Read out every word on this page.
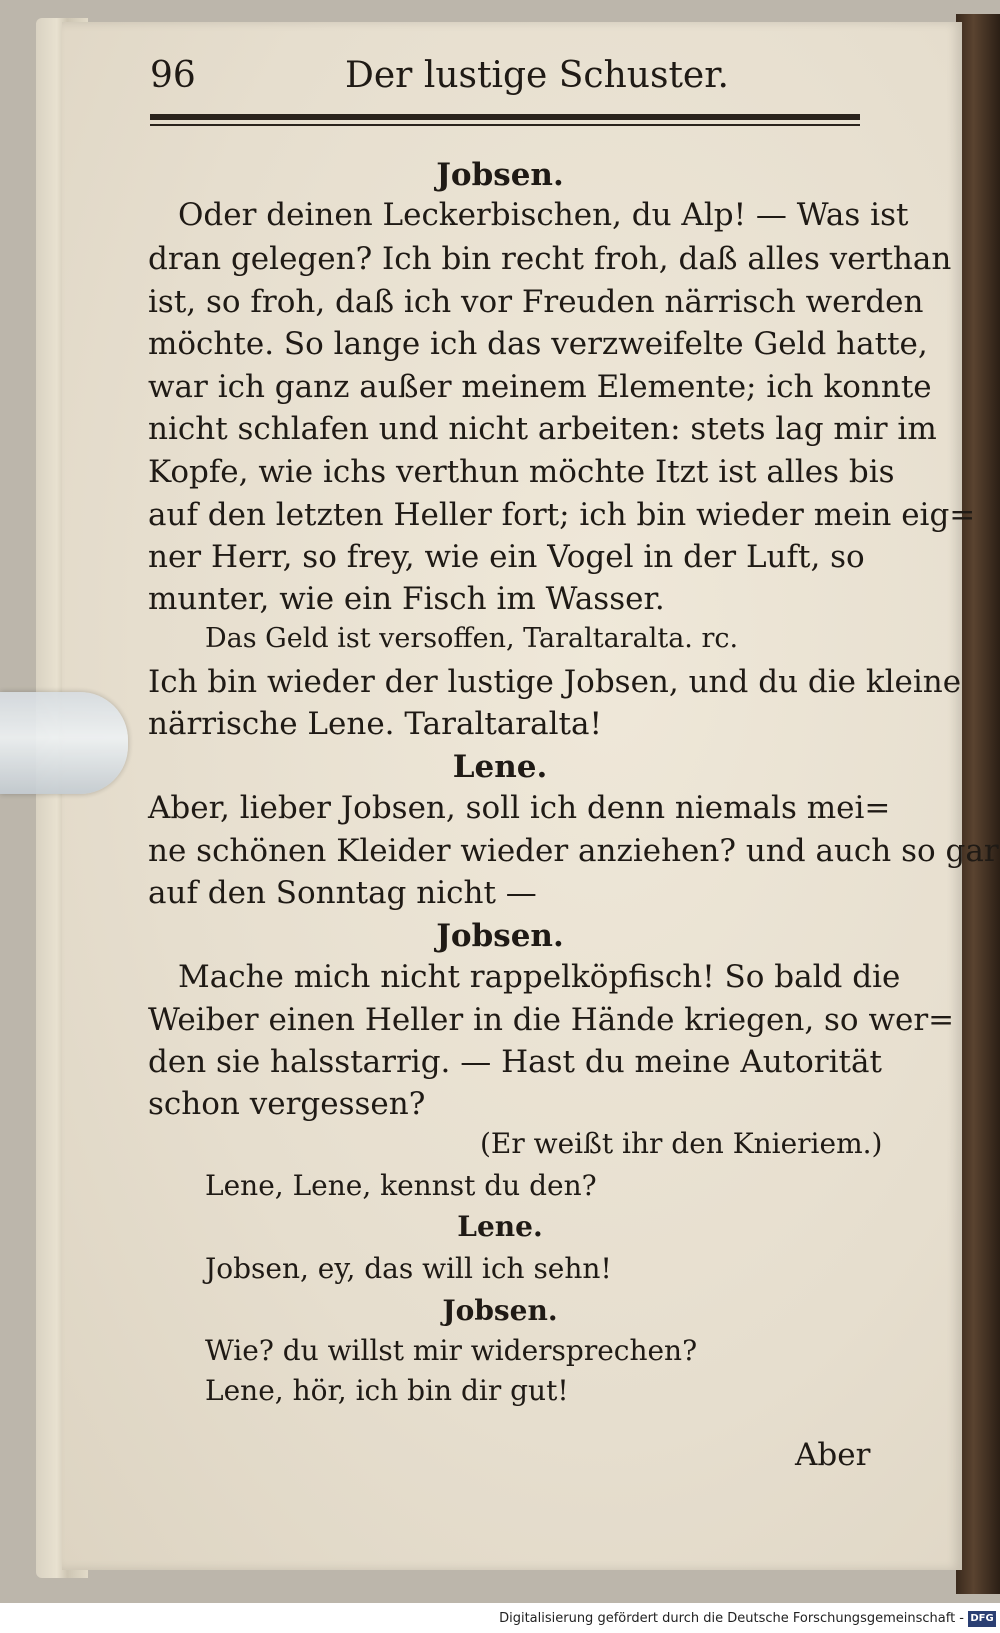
96	Der lustige Schuster.
Jobsen.
Oder deinen Leckerbischen, du Alp! — Was ist
dran gelegen? Ich bin recht froh, daß alles verthan
ist, so froh, daß ich vor Freuden närrisch werden
möchte. So lange ich das verzweifelte Geld hatte,
war ich ganz außer meinem Elemente; ich konnte
nicht schlafen und nicht arbeiten: stets lag mir im
Kopfe, wie ichs verthun möchte Itzt ist alles bis
auf den letzten Heller fort; ich bin wieder mein eig=
ner Herr, so frey, wie ein Vogel in der Luft, so
munter, wie ein Fisch im Wasser.
Das Geld ist versoffen, Taraltaralta. rc.
Ich bin wieder der lustige Jobsen, und du die kleine
närrische Lene. Taraltaralta!
Lene.
Aber, lieber Jobsen, soll ich denn niemals mei=
ne schönen Kleider wieder anziehen? und auch so gar
auf den Sonntag nicht —
Jobsen.
Mache mich nicht rappelköpfisch! So bald die
Weiber einen Heller in die Hände kriegen, so wer=
den sie halsstarrig. — Hast du meine Autorität
schon vergessen?
(Er weißt ihr den Knieriem.)
Lene, Lene, kennst du den?
Lene.
Jobsen, ey, das will ich sehn!
Jobsen.
Wie? du willst mir widersprechen?
Lene, hör, ich bin dir gut!
Aber
Digitalisierung gefördert durch die Deutsche Forschungsgemeinschaft - DFG
